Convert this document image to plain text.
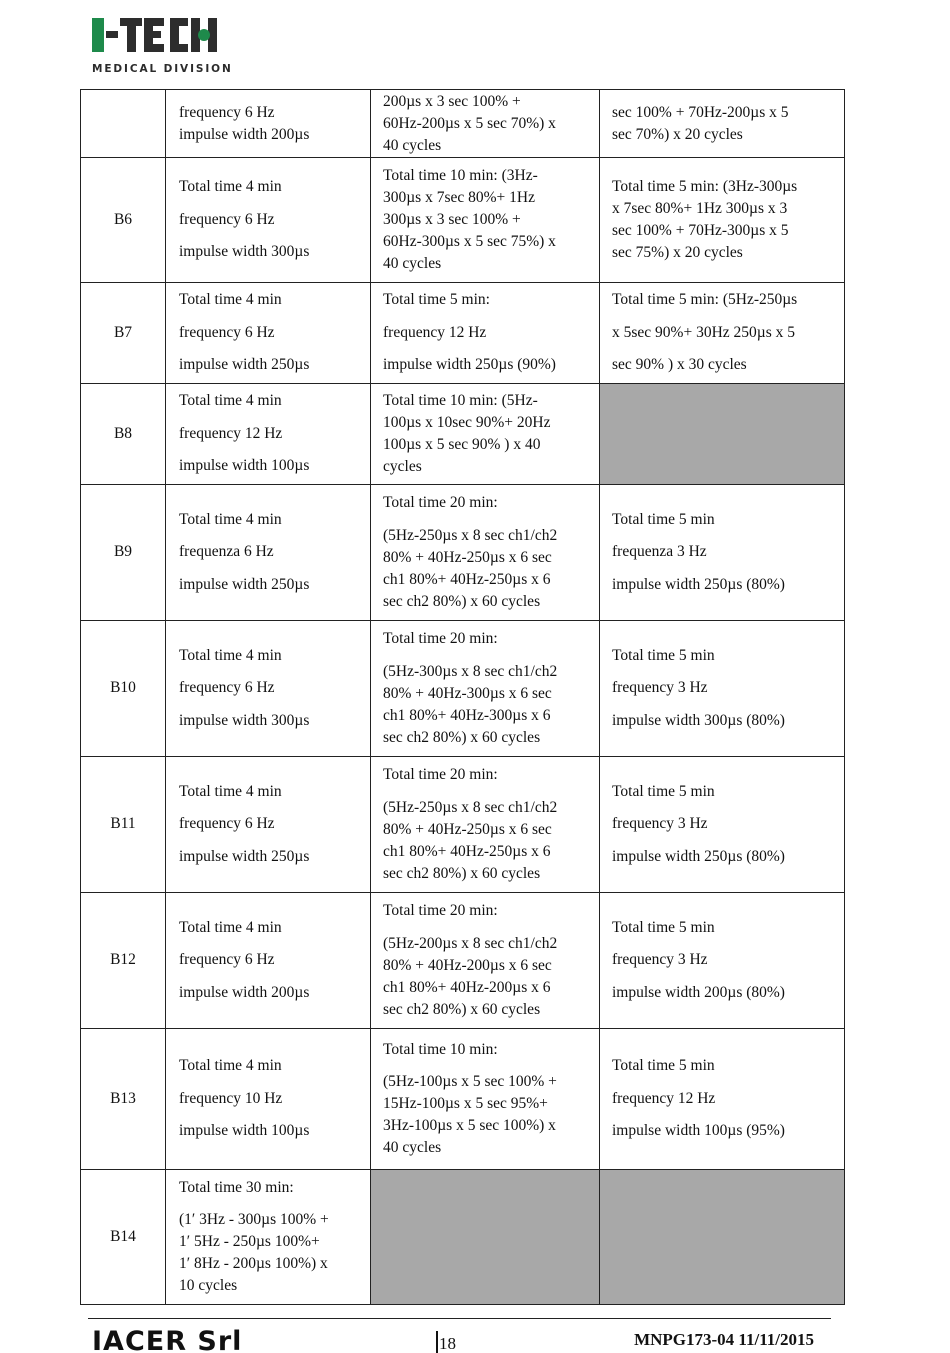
MEDICAL DIVISION

	frequency 6 Hz
impulse width 200µs	200µs x 3 sec 100% +
60Hz-200µs x 5 sec 70%) x
40 cycles	sec 100% + 70Hz-200µs x 5
sec 70%) x 20 cycles

B6	Total time 4 min
frequency 6 Hz
impulse width 300µs	Total time 10 min: (3Hz-
300µs x 7sec 80%+ 1Hz
300µs x 3 sec 100% +
60Hz-300µs x 5 sec 75%) x
40 cycles	Total time 5 min: (3Hz-300µs
x 7sec 80%+ 1Hz 300µs x 3
sec 100% + 70Hz-300µs x 5
sec 75%) x 20 cycles

B7	Total time 4 min
frequency 6 Hz
impulse width 250µs	Total time 5 min:
frequency 12 Hz
impulse width 250µs (90%)	Total time 5 min: (5Hz-250µs
x 5sec 90%+ 30Hz 250µs x 5
sec 90% ) x 30 cycles

B8	Total time 4 min
frequency 12 Hz
impulse width 100µs	Total time 10 min: (5Hz-
100µs x 10sec 90%+ 20Hz
100µs x 5 sec 90% ) x 40
cycles	

B9	Total time 4 min
frequenza 6 Hz
impulse width 250µs	Total time 20 min:
(5Hz-250µs x 8 sec ch1/ch2
80% + 40Hz-250µs x 6 sec
ch1 80%+ 40Hz-250µs x 6
sec ch2 80%) x 60 cycles	Total time 5 min
frequenza 3 Hz
impulse width 250µs (80%)

B10	Total time 4 min
frequency 6 Hz
impulse width 300µs	Total time 20 min:
(5Hz-300µs x 8 sec ch1/ch2
80% + 40Hz-300µs x 6 sec
ch1 80%+ 40Hz-300µs x 6
sec ch2 80%) x 60 cycles	Total time 5 min
frequency 3 Hz
impulse width 300µs (80%)

B11	Total time 4 min
frequency 6 Hz
impulse width 250µs	Total time 20 min:
(5Hz-250µs x 8 sec ch1/ch2
80% + 40Hz-250µs x 6 sec
ch1 80%+ 40Hz-250µs x 6
sec ch2 80%) x 60 cycles	Total time 5 min
frequency 3 Hz
impulse width 250µs (80%)

B12	Total time 4 min
frequency 6 Hz
impulse width 200µs	Total time 20 min:
(5Hz-200µs x 8 sec ch1/ch2
80% + 40Hz-200µs x 6 sec
ch1 80%+ 40Hz-200µs x 6
sec ch2 80%) x 60 cycles	Total time 5 min
frequency 3 Hz
impulse width 200µs (80%)

B13	Total time 4 min
frequency 10 Hz
impulse width 100µs	Total time 10 min:
(5Hz-100µs x 5 sec 100% +
15Hz-100µs x 5 sec 95%+
3Hz-100µs x 5 sec 100%) x
40 cycles	Total time 5 min
frequency 12 Hz
impulse width 100µs (95%)

B14	Total time 30 min:
(1′ 3Hz - 300µs 100% +
1′ 5Hz - 250µs 100%+
1′ 8Hz - 200µs 100%) x
10 cycles		

IACER Srl	18	MNPG173-04 11/11/2015
